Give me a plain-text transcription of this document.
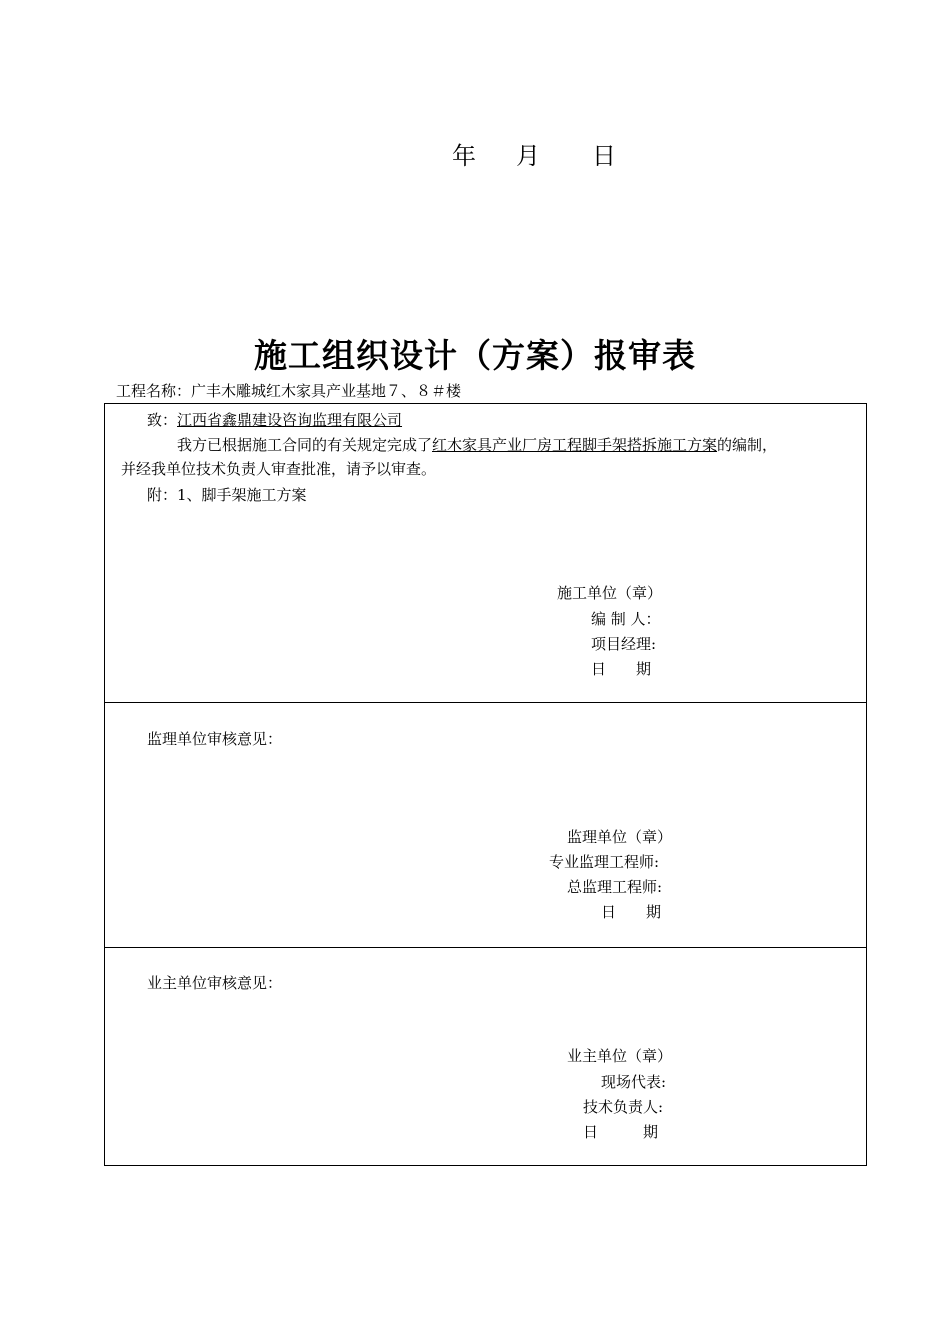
年 月 日
施工组织设计（方案）报审表
工程名称：广丰木雕城红木家具产业基地７、８＃楼
致：江西省鑫鼎建设咨询监理有限公司
我方已根据施工合同的有关规定完成了红木家具产业厂房工程脚手架搭拆施工方案的编制，
并经我单位技术负责人审查批准，请予以审查。
附：1、脚手架施工方案
施工单位（章）
编 制 人：
项目经理:
日　　期
监理单位审核意见：
监理单位（章）
专业监理工程师:
总监理工程师:
日　　期
业主单位审核意见：
业主单位（章）
现场代表:
技术负责人:
日　　　期
